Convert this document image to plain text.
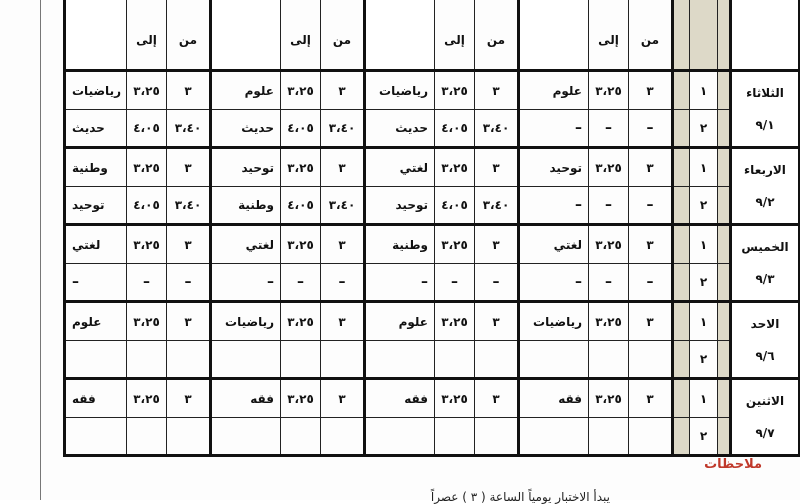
	إلى	من		إلى	من		إلى	من		إلى	من				
رياضيات	٣،٢٥	٣	علوم	٣،٢٥	٣	رياضيات	٣،٢٥	٣	علوم	٣،٢٥	٣		١		الثلاثاء
٩/١

حديث	٤،٠٥	٣،٤٠	حديث	٤،٠٥	٣،٤٠	حديث	٤،٠٥	٣،٤٠	–	–	–		٢		
وطنية	٣،٢٥	٣	توحيد	٣،٢٥	٣	لغتي	٣،٢٥	٣	توحيد	٣،٢٥	٣		١		الاربعاء
٩/٢

توحيد	٤،٠٥	٣،٤٠	وطنية	٤،٠٥	٣،٤٠	توحيد	٤،٠٥	٣،٤٠	–	–	–		٢		
لغتي	٣،٢٥	٣	لغتي	٣،٢٥	٣	وطنية	٣،٢٥	٣	لغتي	٣،٢٥	٣		١		الخميس
٩/٣

–	–	–	–	–	–	–	–	–	–	–	–		٢		
علوم	٣،٢٥	٣	رياضيات	٣،٢٥	٣	علوم	٣،٢٥	٣	رياضيات	٣،٢٥	٣		١		الاحد
٩/٦

													٢		
فقه	٣،٢٥	٣	فقه	٣،٢٥	٣	فقه	٣،٢٥	٣	فقه	٣،٢٥	٣		١		الاثنين
٩/٧

													٢		
ملاحظات
يبدأ الاختبار يومياً الساعة ( ٣ ) عصراً
